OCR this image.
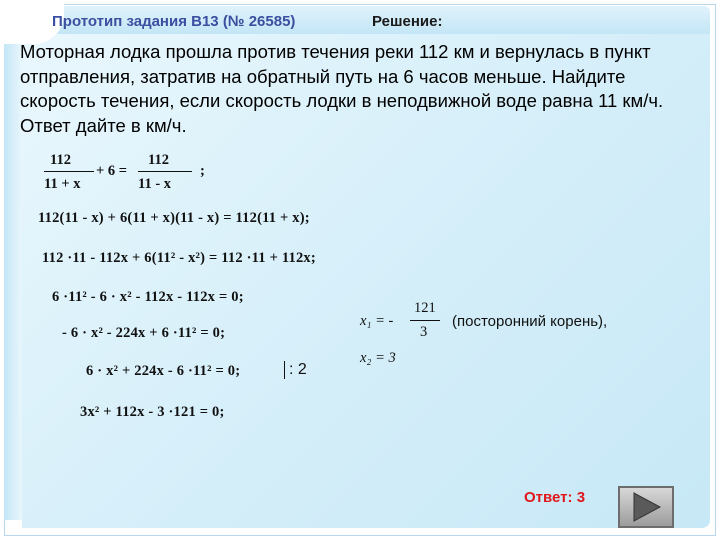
Прототип задания B13 (№ 26585)	Решение:
Моторная лодка прошла против течения реки 112 км и вернулась в пункт отправления, затратив на обратный путь на 6 часов меньше. Найдите скорость течения, если скорость лодки в неподвижной воде равна 11 км/ч. Ответ дайте в км/ч.
112
11 + x
+ 6 =
112
11 - x
;
112(11 - x) + 6(11 + x)(11 - x) = 112(11 + x);
112 ·11 - 112x + 6(11² - x²) = 112 ·11 + 112x;
6 ·11² - 6 · x² - 112x - 112x = 0;
- 6 · x² - 224x + 6 ·11² = 0;
6 · x² + 224x - 6 ·11² = 0;	: 2
3x² + 112x - 3 ·121 = 0;
x₁ = -
121
3
(посторонний корень),
x₂ = 3
Ответ: 3
